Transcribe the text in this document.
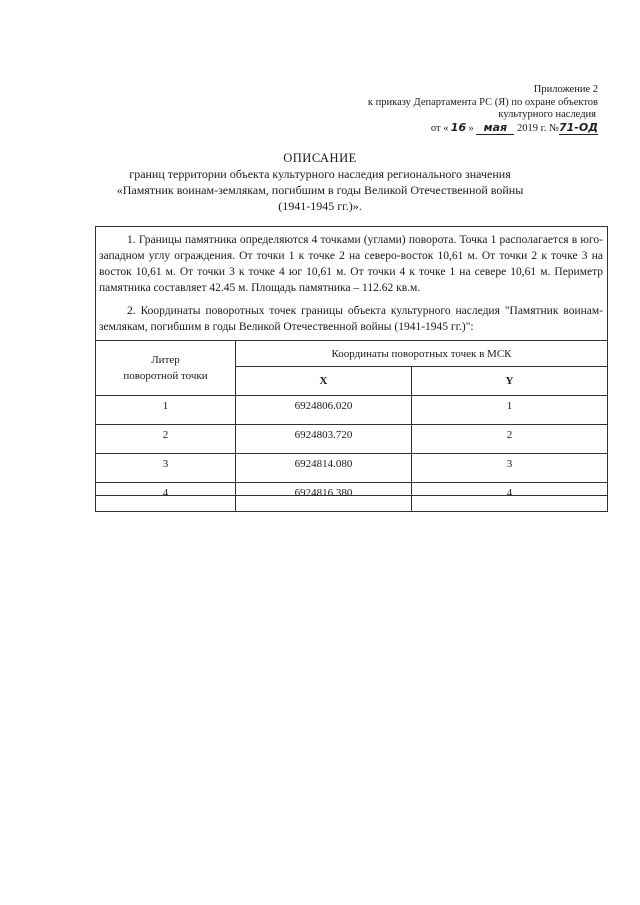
Приложение 2
к приказу Департамента РС (Я) по охране объектов
культурного наследия
от « 16 » мая 2019 г. №71-ОД
ОПИСАНИЕ
границ территории объекта культурного наследия регионального значения
«Памятник воинам-землякам, погибшим в годы Великой Отечественной войны
(1941-1945 гг.)».
1. Границы памятника определяются 4 точками (углами) поворота. Точка 1 располагается в юго-западном углу ограждения. От точки 1 к точке 2 на северо-восток 10,61 м. От точки 2 к точке 3 на восток 10,61 м. От точки 3 к точке 4 юг 10,61 м. От точки 4 к точке 1 на севере 10,61 м. Периметр памятника составляет 42.45 м. Площадь памятника – 112.62 кв.м.
2. Координаты поворотных точек границы объекта культурного наследия "Памятник воинам-землякам, погибшим в годы Великой Отечественной войны (1941-1945 гг.)":
Литер
поворотной точки	Координаты поворотных точек в МСК	
	X	Y
1	6924806.020	1
2	6924803.720	2
3	6924814.080	3
4	6924816.380	4
